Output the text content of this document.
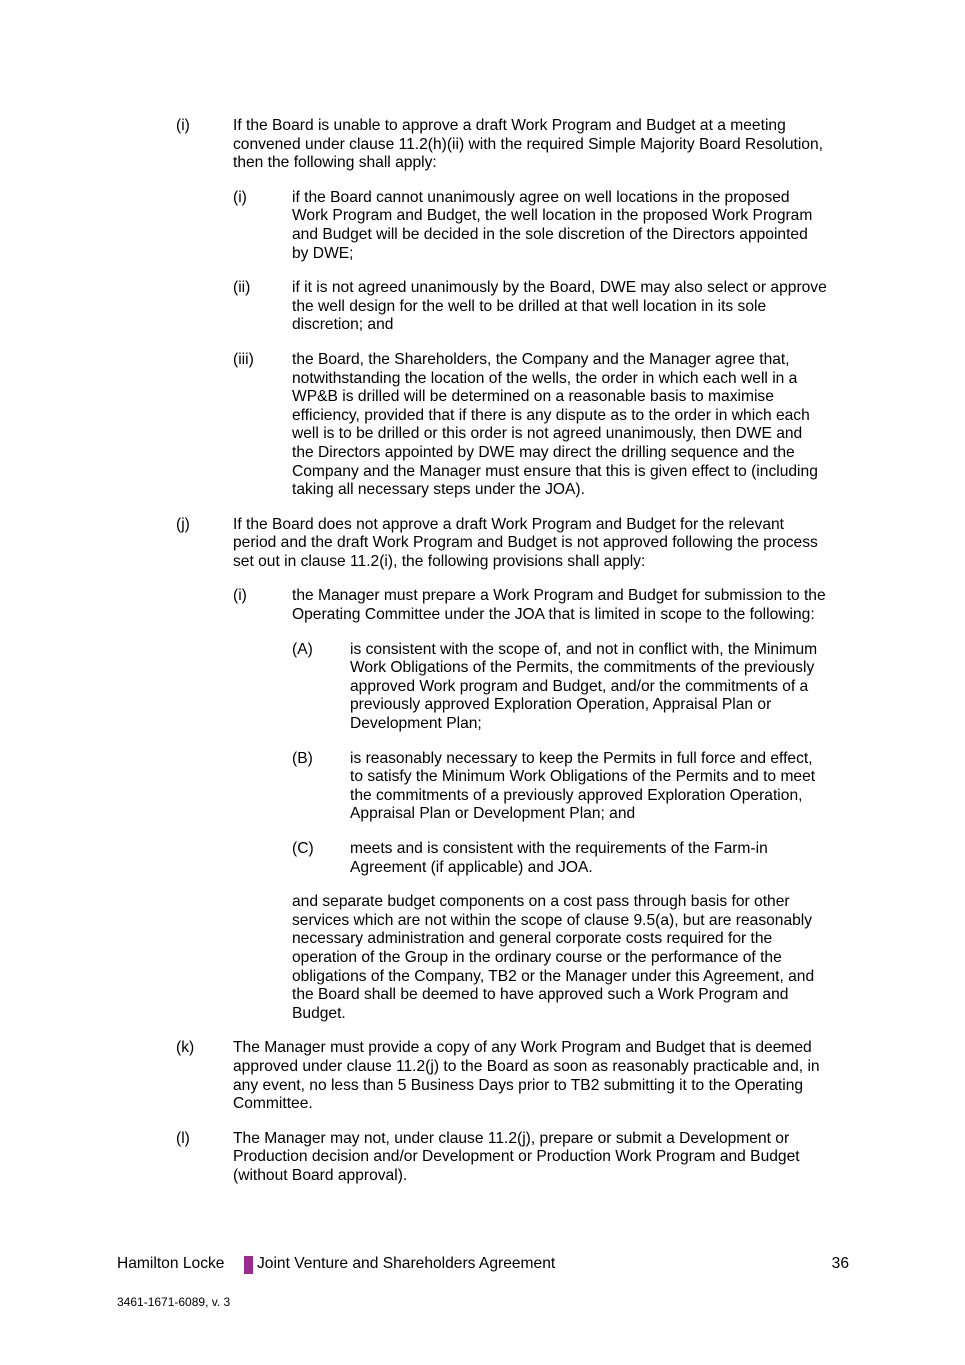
(i)	If the Board is unable to approve a draft Work Program and Budget at a meeting
convened under clause 11.2(h)(ii) with the required Simple Majority Board Resolution,
then the following shall apply:
(i)	if the Board cannot unanimously agree on well locations in the proposed
Work Program and Budget, the well location in the proposed Work Program
and Budget will be decided in the sole discretion of the Directors appointed
by DWE;
(ii)	if it is not agreed unanimously by the Board, DWE may also select or approve
the well design for the well to be drilled at that well location in its sole
discretion; and
(iii) the Board, the Shareholders, the Company and the Manager agree that,
notwithstanding the location of the wells, the order in which each well in a
WP&B is drilled will be determined on a reasonable basis to maximise
efficiency, provided that if there is any dispute as to the order in which each
well is to be drilled or this order is not agreed unanimously, then DWE and
the Directors appointed by DWE may direct the drilling sequence and the
Company and the Manager must ensure that this is given effect to (including
taking all necessary steps under the JOA).
(j)	If the Board does not approve a draft Work Program and Budget for the relevant
period and the draft Work Program and Budget is not approved following the process
set out in clause 11.2(i), the following provisions shall apply:
(i)	the Manager must prepare a Work Program and Budget for submission to the
Operating Committee under the JOA that is limited in scope to the following:
(A) is consistent with the scope of, and not in conflict with, the Minimum
Work Obligations of the Permits, the commitments of the previously
approved Work program and Budget, and/or the commitments of a
previously approved Exploration Operation, Appraisal Plan or
Development Plan;
(B) is reasonably necessary to keep the Permits in full force and effect,
to satisfy the Minimum Work Obligations of the Permits and to meet
the commitments of a previously approved Exploration Operation,
Appraisal Plan or Development Plan; and
(C) meets and is consistent with the requirements of the Farm-in
Agreement (if applicable) and JOA.
and separate budget components on a cost pass through basis for other
services which are not within the scope of clause 9.5(a), but are reasonably
necessary administration and general corporate costs required for the
operation of the Group in the ordinary course or the performance of the
obligations of the Company, TB2 or the Manager under this Agreement, and
the Board shall be deemed to have approved such a Work Program and
Budget.
(k) The Manager must provide a copy of any Work Program and Budget that is deemed
approved under clause 11.2(j) to the Board as soon as reasonably practicable and, in
any event, no less than 5 Business Days prior to TB2 submitting it to the Operating
Committee.
(l)	The Manager may not, under clause 11.2(j), prepare or submit a Development or
Production decision and/or Development or Production Work Program and Budget
(without Board approval).
Hamilton Locke Joint Venture and Shareholders Agreement	36
3461-1671-6089, v. 3
